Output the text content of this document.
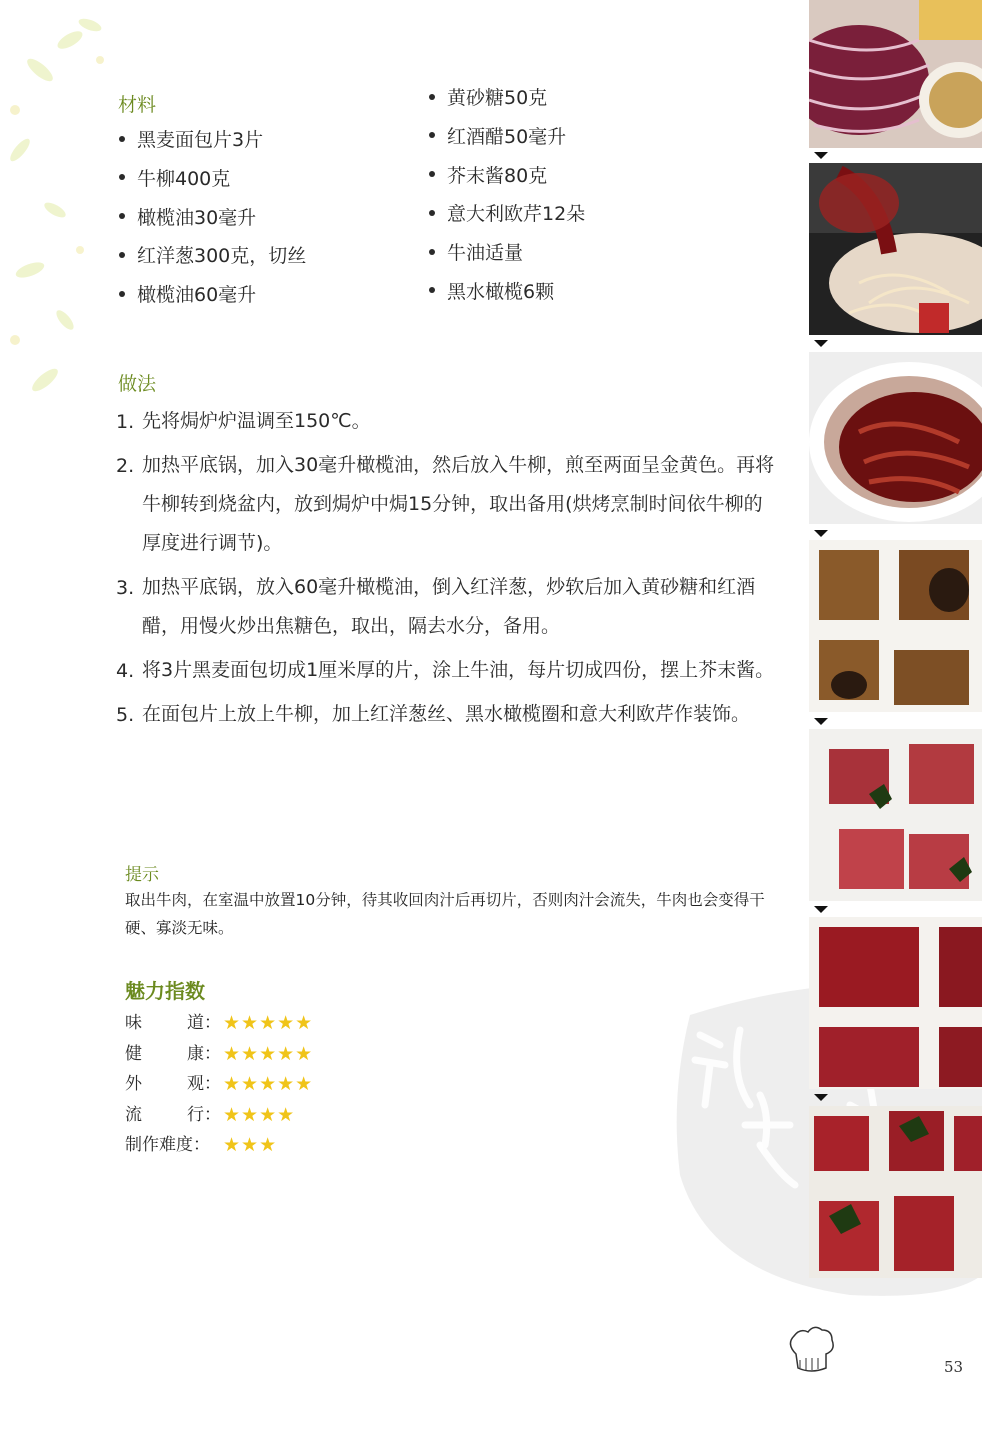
材料
黑麦面包片3片
牛柳400克
橄榄油30毫升
红洋葱300克，切丝
橄榄油60毫升
黄砂糖50克
红酒醋50毫升
芥末酱80克
意大利欧芹12朵
牛油适量
黑水橄榄6颗
做法
1. 先将焗炉炉温调至150℃。
2. 加热平底锅，加入30毫升橄榄油，然后放入牛柳，煎至两面呈金黄色。再将牛柳转到烧盆内，放到焗炉中焗15分钟，取出备用(烘烤烹制时间依牛柳的厚度进行调节)。
3. 加热平底锅，放入60毫升橄榄油，倒入红洋葱，炒软后加入黄砂糖和红酒醋，用慢火炒出焦糖色，取出，隔去水分，备用。
4. 将3片黑麦面包切成1厘米厚的片，涂上牛油，每片切成四份，摆上芥末酱。
5. 在面包片上放上牛柳，加上红洋葱丝、黑水橄榄圈和意大利欧芹作装饰。
提示
取出牛肉，在室温中放置10分钟，待其收回肉汁后再切片，否则肉汁会流失，牛肉也会变得干硬、寡淡无味。
魅力指数
味	道： ★★★★★
健	康： ★★★★★
外	观： ★★★★★
流	行： ★★★★
制作难度： ★★★
53
